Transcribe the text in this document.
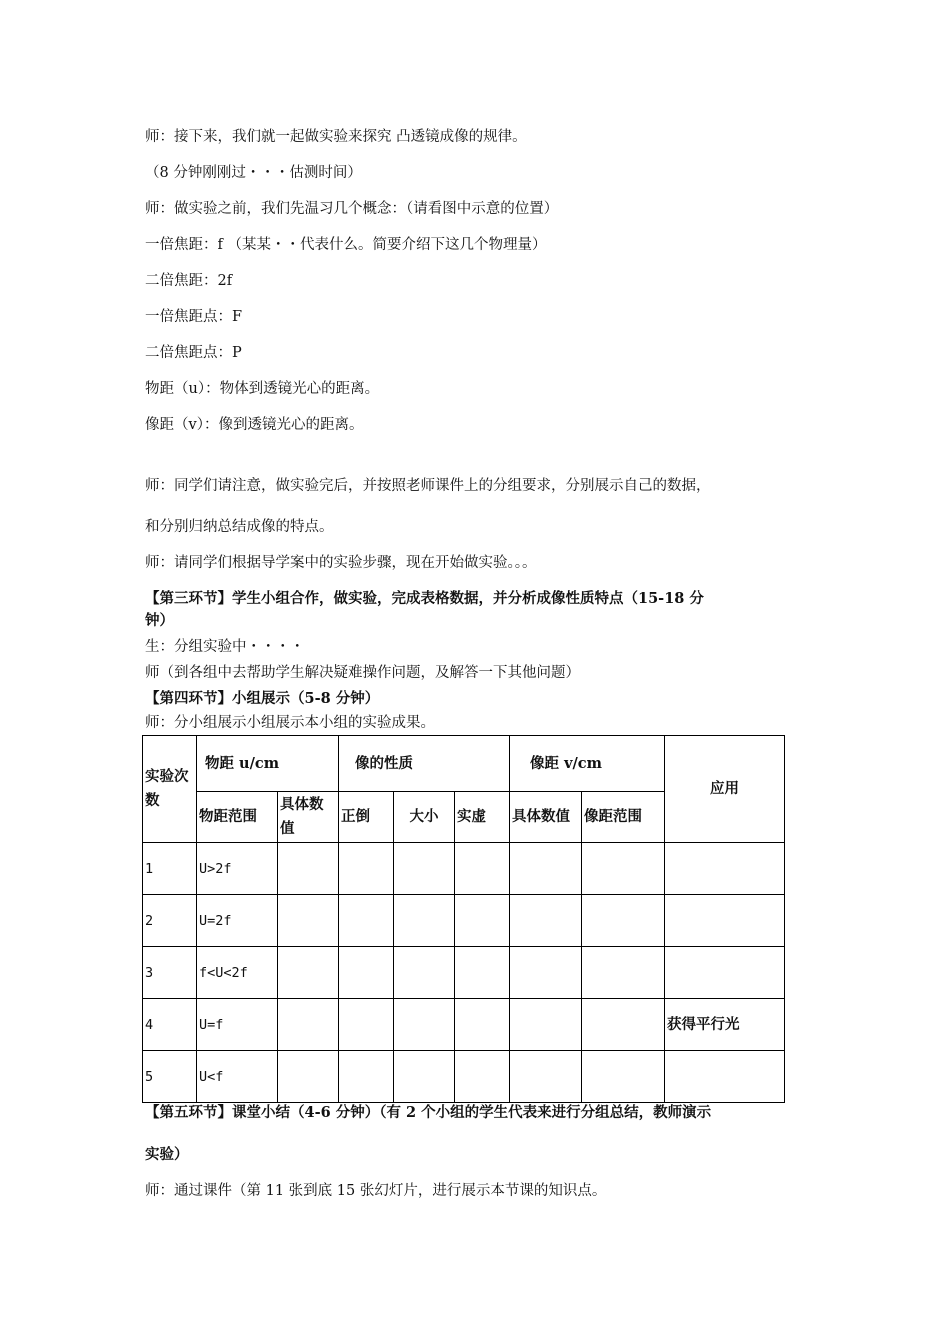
师：接下来，我们就一起做实验来探究 凸透镜成像的规律。
（8 分钟刚刚过・・・估测时间）
师：做实验之前，我们先温习几个概念：（请看图中示意的位置）
一倍焦距：f （某某・・代表什么。简要介绍下这几个物理量）
二倍焦距：2f
一倍焦距点：F
二倍焦距点：P
物距（u）：物体到透镜光心的距离。
像距（v）：像到透镜光心的距离。
师：同学们请注意，做实验完后，并按照老师课件上的分组要求，分别展示自己的数据，
和分别归纳总结成像的特点。
师：请同学们根据导学案中的实验步骤，现在开始做实验。。。
【第三环节】学生小组合作，做实验，完成表格数据，并分析成像性质特点（15-18 分
钟）
生：分组实验中・・・・
师（到各组中去帮助学生解决疑难操作问题，及解答一下其他问题）
【第四环节】小组展示（5-8 分钟）
师：分小组展示小组展示本小组的实验成果。
实验次数	物距 u/cm		像的性质			像距 v/cm		应用
	物距范围	具体数值	正倒	大小	实虚	具体数值	像距范围	
1	U>2f							
2	U=2f							
3	f<U<2f							
4	U=f							获得平行光
5	U<f							
【第五环节】课堂小结（4-6 分钟）（有 2 个小组的学生代表来进行分组总结，教师演示
实验）
师：通过课件（第 11 张到底 15 张幻灯片，进行展示本节课的知识点。
